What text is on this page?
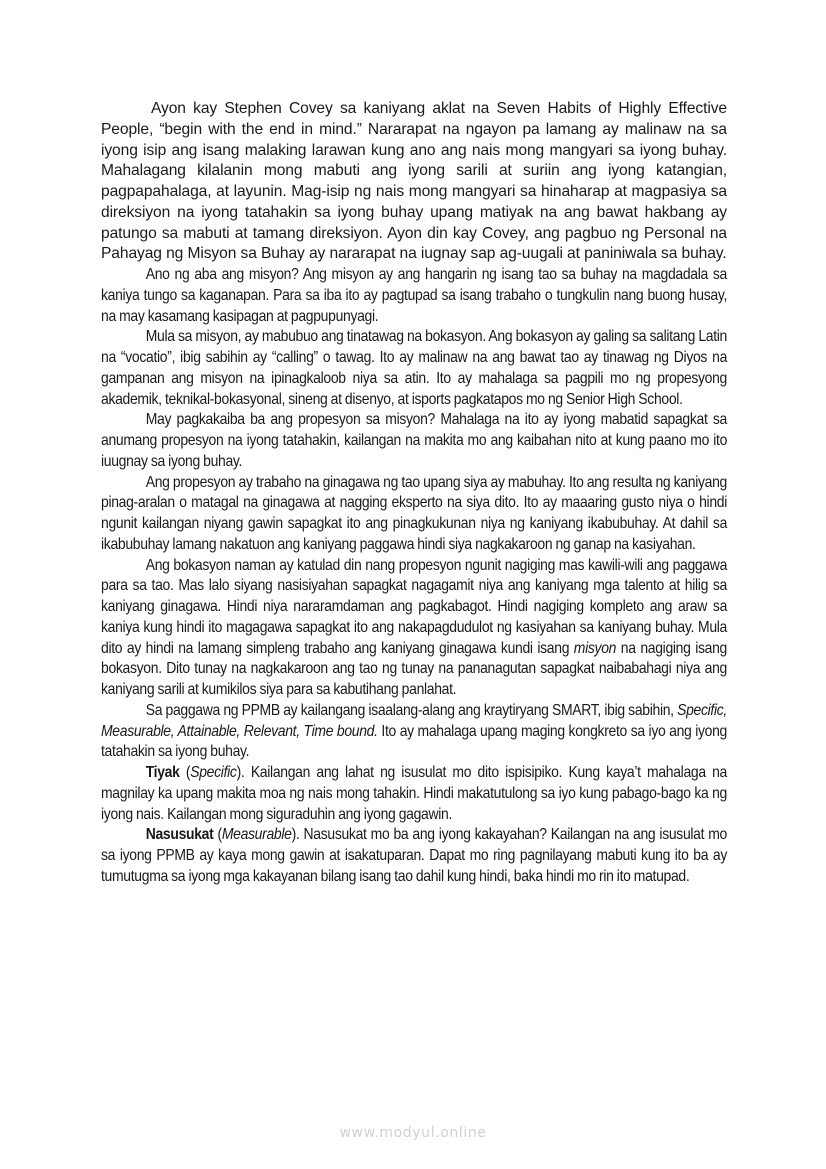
Ayon kay Stephen Covey sa kaniyang aklat na Seven Habits of Highly Effective People, “begin with the end in mind.” Nararapat na ngayon pa lamang ay malinaw na sa iyong isip ang isang malaking larawan kung ano ang nais mong mangyari sa iyong buhay. Mahalagang kilalanin mong mabuti ang iyong sarili at suriin ang iyong katangian, pagpapahalaga, at layunin. Mag-isip ng nais mong mangyari sa hinaharap at magpasiya sa direksiyon na iyong tatahakin sa iyong buhay upang matiyak na ang bawat hakbang ay patungo sa mabuti at tamang direksiyon. Ayon din kay Covey, ang pagbuo ng Personal na Pahayag ng Misyon sa Buhay ay nararapat na iugnay sap ag-uugali at paniniwala sa buhay.

Ano ng aba ang misyon? Ang misyon ay ang hangarin ng isang tao sa buhay na magdadala sa kaniya tungo sa kaganapan. Para sa iba ito ay pagtupad sa isang trabaho o tungkulin nang buong husay, na may kasamang kasipagan at pagpupunyagi.

Mula sa misyon, ay mabubuo ang tinatawag na bokasyon. Ang bokasyon ay galing sa salitang Latin na “vocatio”, ibig sabihin ay “calling” o tawag. Ito ay malinaw na ang bawat tao ay tinawag ng Diyos na gampanan ang misyon na ipinagkaloob niya sa atin. Ito ay mahalaga sa pagpili mo ng propesyong akademik, teknikal-bokasyonal, sineng at disenyo, at isports pagkatapos mo ng Senior High School.

May pagkakaiba ba ang propesyon sa misyon? Mahalaga na ito ay iyong mabatid sapagkat sa anumang propesyon na iyong tatahakin, kailangan na makita mo ang kaibahan nito at kung paano mo ito iuugnay sa iyong buhay.

Ang propesyon ay trabaho na ginagawa ng tao upang siya ay mabuhay. Ito ang resulta ng kaniyang pinag-aralan o matagal na ginagawa at nagging eksperto na siya dito. Ito ay maaaring gusto niya o hindi ngunit kailangan niyang gawin sapagkat ito ang pinagkukunan niya ng kaniyang ikabubuhay. At dahil sa ikabubuhay lamang nakatuon ang kaniyang paggawa hindi siya nagkakaroon ng ganap na kasiyahan.

Ang bokasyon naman ay katulad din nang propesyon ngunit nagiging mas kawili-wili ang paggawa para sa tao. Mas lalo siyang nasisiyahan sapagkat nagagamit niya ang kaniyang mga talento at hilig sa kaniyang ginagawa. Hindi niya nararamdaman ang pagkabagot. Hindi nagiging kompleto ang araw sa kaniya kung hindi ito magagawa sapagkat ito ang nakapagdudulot ng kasiyahan sa kaniyang buhay. Mula dito ay hindi na lamang simpleng trabaho ang kaniyang ginagawa kundi isang misyon na nagiging isang bokasyon. Dito tunay na nagkakaroon ang tao ng tunay na pananagutan sapagkat naibabahagi niya ang kaniyang sarili at kumikilos siya para sa kabutihang panlahat.

Sa paggawa ng PPMB ay kailangang isaalang-alang ang kraytiryang SMART, ibig sabihin, Specific, Measurable, Attainable, Relevant, Time bound. Ito ay mahalaga upang maging kongkreto sa iyo ang iyong tatahakin sa iyong buhay.

Tiyak (Specific). Kailangan ang lahat ng isusulat mo dito ispisipiko. Kung kaya’t mahalaga na magnilay ka upang makita moa ng nais mong tahakin. Hindi makatutulong sa iyo kung pabago-bago ka ng iyong nais. Kailangan mong siguraduhin ang iyong gagawin.

Nasusukat (Measurable). Nasusukat mo ba ang iyong kakayahan? Kailangan na ang isusulat mo sa iyong PPMB ay kaya mong gawin at isakatuparan. Dapat mo ring pagnilayang mabuti kung ito ba ay tumutugma sa iyong mga kakayanan bilang isang tao dahil kung hindi, baka hindi mo rin ito matupad.

www.modyul.online
